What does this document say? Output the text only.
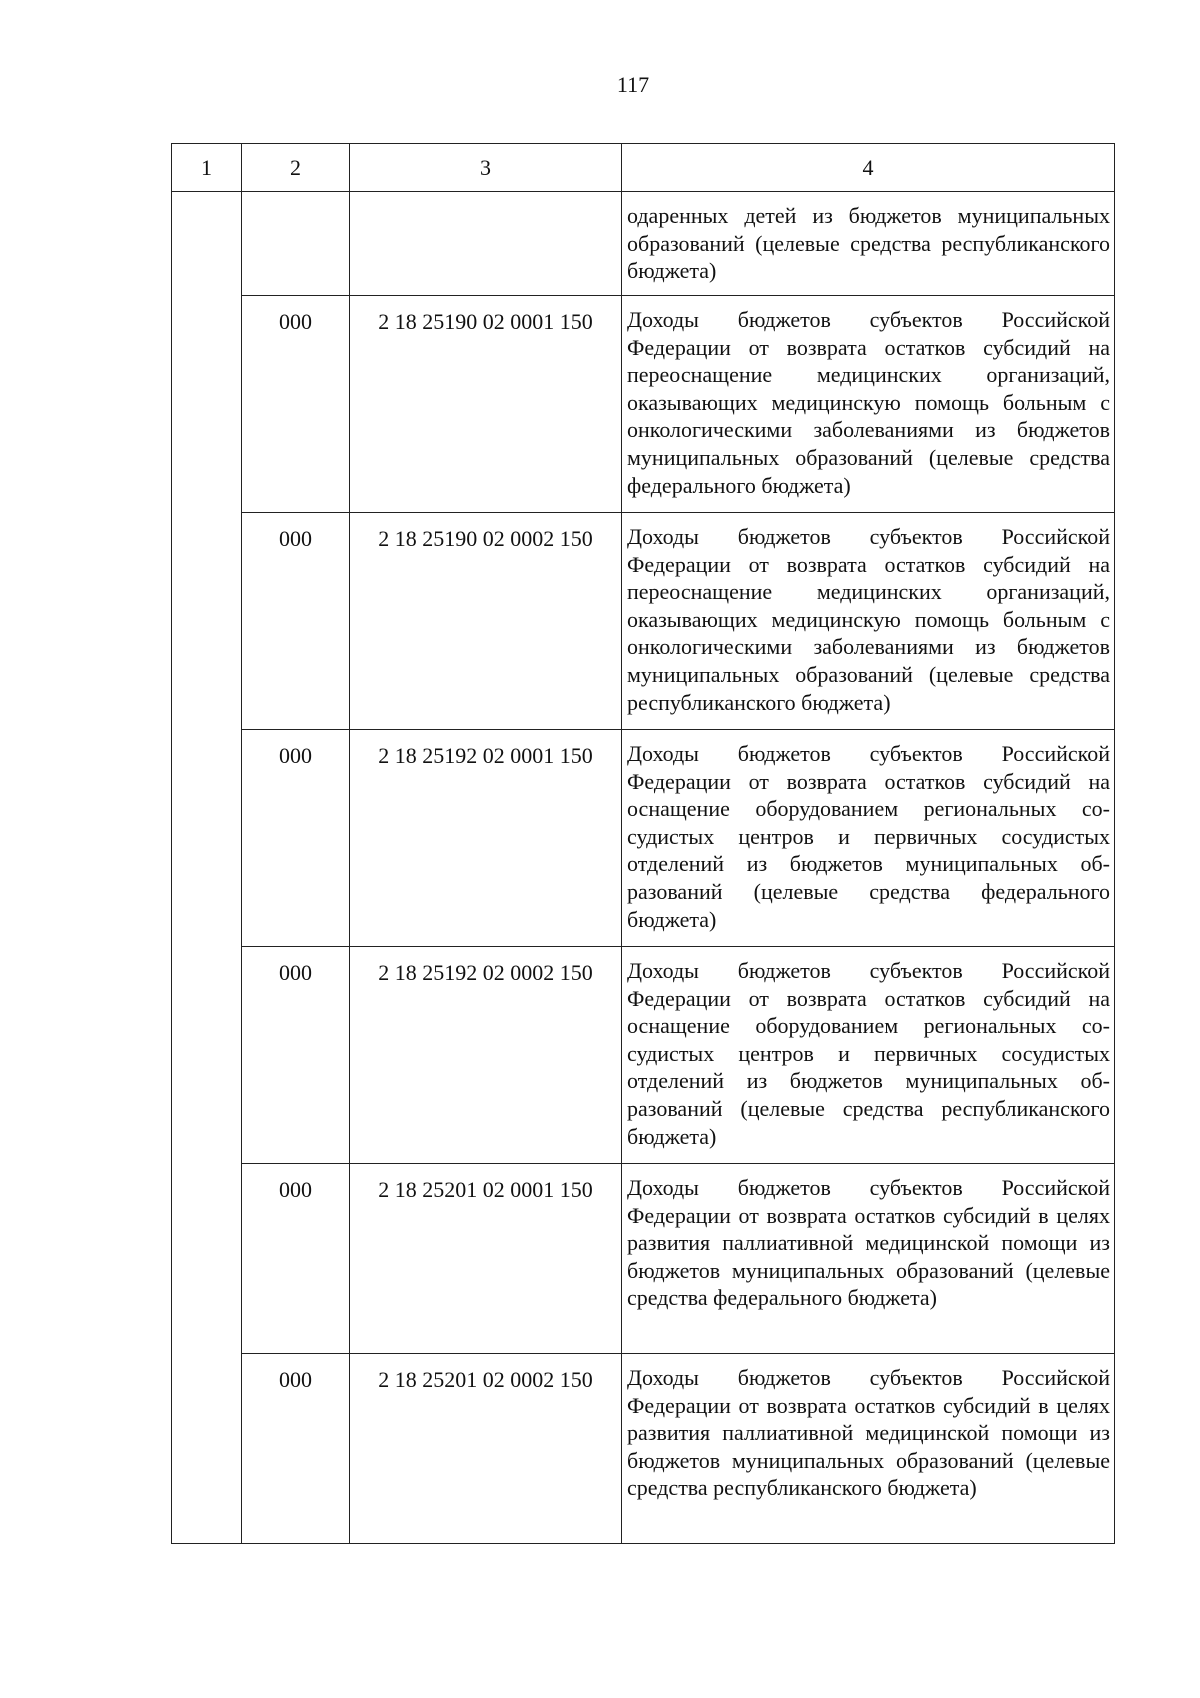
117
1	2	3	4
			одаренных детей из бюджетов муниципальных образований (целевые средства республиканского бюджета)
	000	2 18 25190 02 0001 150	Доходы бюджетов субъектов Российской Федерации от возврата остатков субсидий на переоснащение медицинских организаций, оказывающих медицинскую помощь больным с онкологическими заболеваниями из бюджетов муниципальных образований (целевые средства федерального бюджета)
	000	2 18 25190 02 0002 150	Доходы бюджетов субъектов Российской Федерации от возврата остатков субсидий на переоснащение медицинских организаций, оказывающих медицинскую помощь больным с онкологическими заболеваниями из бюджетов муниципальных образований (целевые средства республиканского бюджета)
	000	2 18 25192 02 0001 150	Доходы бюджетов субъектов Российской Федерации от возврата остатков субсидий на оснащение оборудованием региональных сосудистых центров и первичных сосудистых отделений из бюджетов муниципальных образований (целевые средства федерального бюджета)
	000	2 18 25192 02 0002 150	Доходы бюджетов субъектов Российской Федерации от возврата остатков субсидий на оснащение оборудованием региональных сосудистых центров и первичных сосудистых отделений из бюджетов муниципальных образований (целевые средства республиканского бюджета)
	000	2 18 25201 02 0001 150	Доходы бюджетов субъектов Российской Федерации от возврата остатков субсидий в целях развития паллиативной медицинской помощи из бюджетов муниципальных образований (целевые средства федерального бюджета)
	000	2 18 25201 02 0002 150	Доходы бюджетов субъектов Российской Федерации от возврата остатков субсидий в целях развития паллиативной медицинской помощи из бюджетов муниципальных образований (целевые средства республиканского бюджета)
